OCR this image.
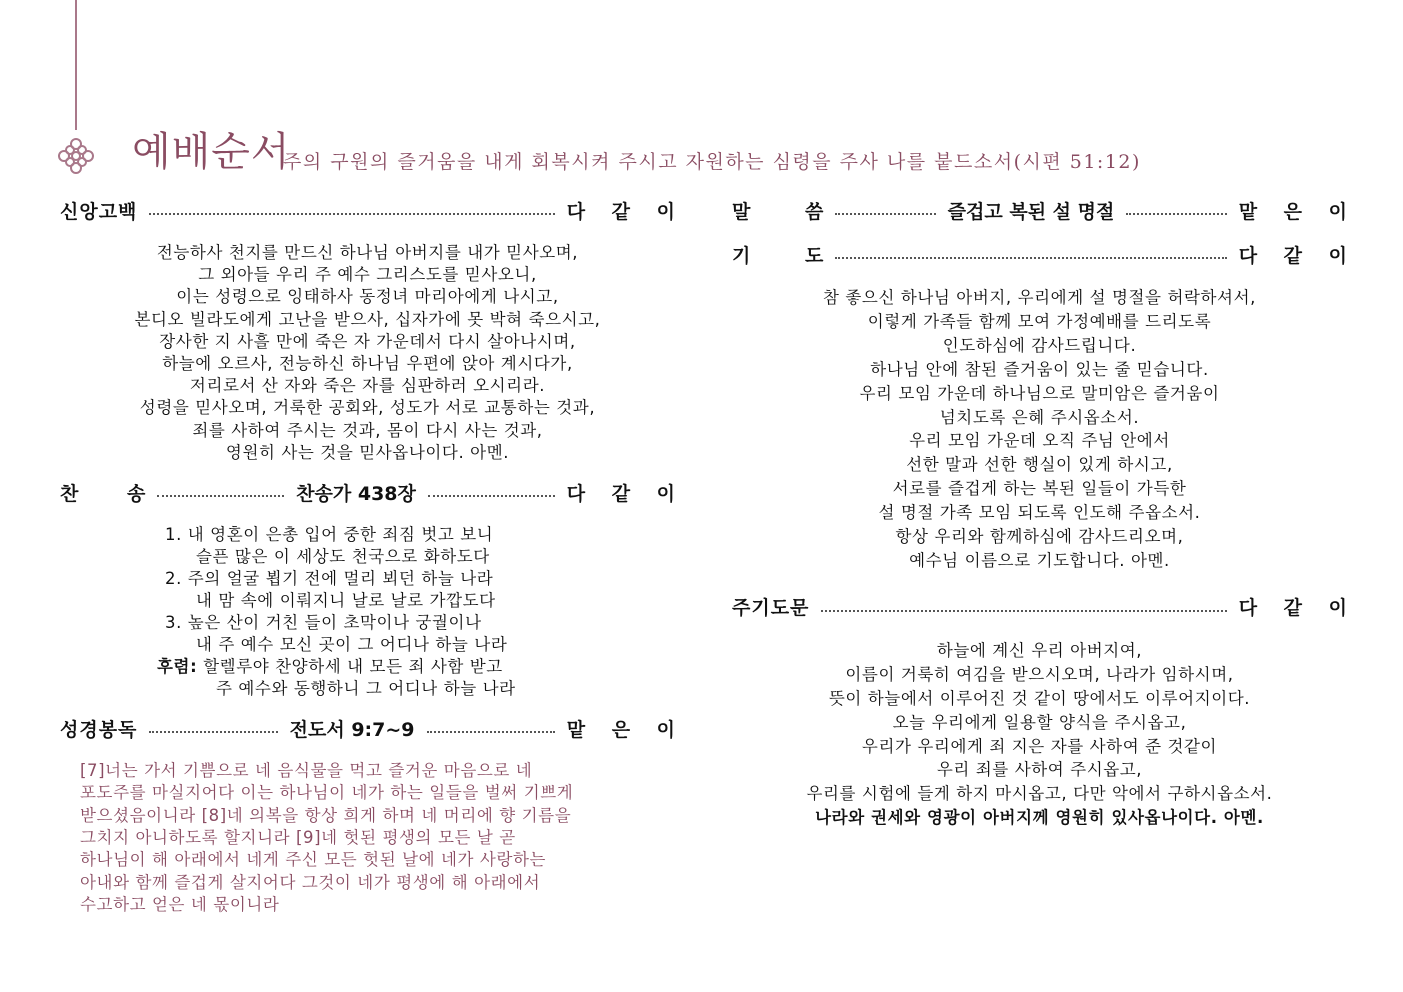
예배순서
주의 구원의 즐거움을 내게 회복시켜 주시고 자원하는 심령을 주사 나를 붙드소서(시편 51:12)
신앙고백	다 같 이
전능하사 천지를 만드신 하나님 아버지를 내가 믿사오며,
그 외아들 우리 주 예수 그리스도를 믿사오니,
이는 성령으로 잉태하사 동정녀 마리아에게 나시고,
본디오 빌라도에게 고난을 받으사, 십자가에 못 박혀 죽으시고,
장사한 지 사흘 만에 죽은 자 가운데서 다시 살아나시며,
하늘에 오르사, 전능하신 하나님 우편에 앉아 계시다가,
저리로서 산 자와 죽은 자를 심판하러 오시리라.
성령을 믿사오며, 거룩한 공회와, 성도가 서로 교통하는 것과,
죄를 사하여 주시는 것과, 몸이 다시 사는 것과,
영원히 사는 것을 믿사옵나이다. 아멘.
찬 송	찬송가 438장	다 같 이
1. 내 영혼이 은총 입어 중한 죄짐 벗고 보니
슬픈 많은 이 세상도 천국으로 화하도다
2. 주의 얼굴 뵙기 전에 멀리 뵈던 하늘 나라
내 맘 속에 이뤄지니 날로 날로 가깝도다
3. 높은 산이 거친 들이 초막이나 궁궐이나
내 주 예수 모신 곳이 그 어디나 하늘 나라
후렴: 할렐루야 찬양하세 내 모든 죄 사함 받고
주 예수와 동행하니 그 어디나 하늘 나라
성경봉독	전도서 9:7~9	맡 은 이
[7]너는 가서 기쁨으로 네 음식물을 먹고 즐거운 마음으로 네
포도주를 마실지어다 이는 하나님이 네가 하는 일들을 벌써 기쁘게
받으셨음이니라 [8]네 의복을 항상 희게 하며 네 머리에 향 기름을
그치지 아니하도록 할지니라 [9]네 헛된 평생의 모든 날 곧
하나님이 해 아래에서 네게 주신 모든 헛된 날에 네가 사랑하는
아내와 함께 즐겁게 살지어다 그것이 네가 평생에 해 아래에서
수고하고 얻은 네 몫이니라
말 씀	즐겁고 복된 설 명절	맡 은 이
기 도	다 같 이
참 좋으신 하나님 아버지, 우리에게 설 명절을 허락하셔서,
이렇게 가족들 함께 모여 가정예배를 드리도록
인도하심에 감사드립니다.
하나님 안에 참된 즐거움이 있는 줄 믿습니다.
우리 모임 가운데 하나님으로 말미암은 즐거움이
넘치도록 은혜 주시옵소서.
우리 모임 가운데 오직 주님 안에서
선한 말과 선한 행실이 있게 하시고,
서로를 즐겁게 하는 복된 일들이 가득한
설 명절 가족 모임 되도록 인도해 주옵소서.
항상 우리와 함께하심에 감사드리오며,
예수님 이름으로 기도합니다. 아멘.
주기도문	다 같 이
하늘에 계신 우리 아버지여,
이름이 거룩히 여김을 받으시오며, 나라가 임하시며,
뜻이 하늘에서 이루어진 것 같이 땅에서도 이루어지이다.
오늘 우리에게 일용할 양식을 주시옵고,
우리가 우리에게 죄 지은 자를 사하여 준 것같이
우리 죄를 사하여 주시옵고,
우리를 시험에 들게 하지 마시옵고, 다만 악에서 구하시옵소서.
나라와 권세와 영광이 아버지께 영원히 있사옵나이다. 아멘.
